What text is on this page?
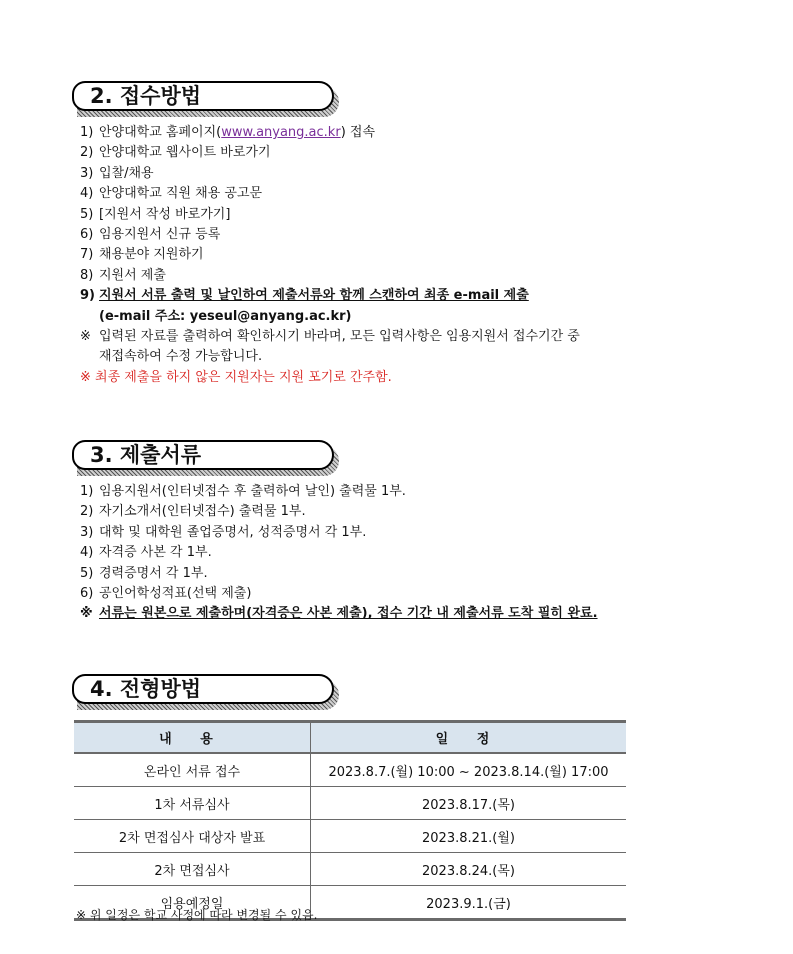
2. 접수방법
1) 안양대학교 홈페이지(www.anyang.ac.kr) 접속
2) 안양대학교 웹사이트 바로가기
3) 입찰/채용
4) 안양대학교 직원 채용 공고문
5) [지원서 작성 바로가기]
6) 임용지원서 신규 등록
7) 채용분야 지원하기
8) 지원서 제출
9) 지원서 서류 출력 및 날인하여 제출서류와 함께 스캔하여 최종 e-mail 제출
(e-mail 주소: yeseul@anyang.ac.kr)
※ 입력된 자료를 출력하여 확인하시기 바라며, 모든 입력사항은 임용지원서 접수기간 중
재접속하여 수정 가능합니다.
※ 최종 제출을 하지 않은 지원자는 지원 포기로 간주함.
3. 제출서류
1) 임용지원서(인터넷접수 후 출력하여 날인) 출력물 1부.
2) 자기소개서(인터넷접수) 출력물 1부.
3) 대학 및 대학원 졸업증명서, 성적증명서 각 1부.
4) 자격증 사본 각 1부.
5) 경력증명서 각 1부.
6) 공인어학성적표(선택 제출)
※ 서류는 원본으로 제출하며(자격증은 사본 제출), 접수 기간 내 제출서류 도착 필히 완료.
4. 전형방법
내 용	일 정
온라인 서류 접수	2023.8.7.(월) 10:00 ~ 2023.8.14.(월) 17:00
1차 서류심사	2023.8.17.(목)
2차 면접심사 대상자 발표	2023.8.21.(월)
2차 면접심사	2023.8.24.(목)
임용예정일	2023.9.1.(금)
※ 위 일정은 학교 사정에 따라 변경될 수 있음.
